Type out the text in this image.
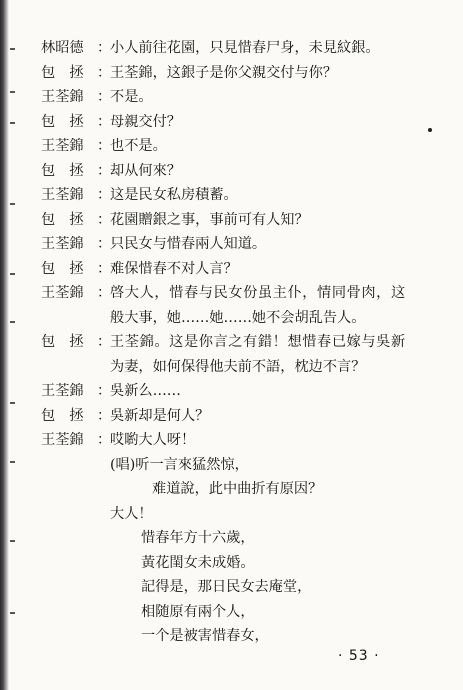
林昭德 ：
小人前往花園，只見惜春尸身，未見紋銀。
包　拯 ：
王荃錦，这銀子是你父親交付与你？
王荃錦 ：
不是。
包　拯 ：
母親交付？
王荃錦 ：
也不是。
包　拯 ：
却从何來？
王荃錦 ：
这是民女私房積蓄。
包　拯 ：
花園贈銀之事，事前可有人知？
王荃錦 ：
只民女与惜春兩人知道。
包　拯 ：
难保惜春不对人言？
王荃錦 ：
啓大人，惜春与民女份虽主仆，情同骨肉，这
般大事，她……她……她不会胡乱告人。
包　拯 ：
王荃錦。这是你言之有錯！想惜春已嫁与吳新
为妻，如何保得他夫前不語，枕边不言？
王荃錦 ：
吳新么……
包　拯 ：
吳新却是何人？
王荃錦 ：
哎喲大人呀！
(唱)听一言來猛然惊，
难道說，此中曲折有原因？
大人！
惜春年方十六歲，
黃花閨女未成婚。
記得是，那日民女去庵堂，
相随原有兩个人，
一个是被害惜春女，
· 53 ·
